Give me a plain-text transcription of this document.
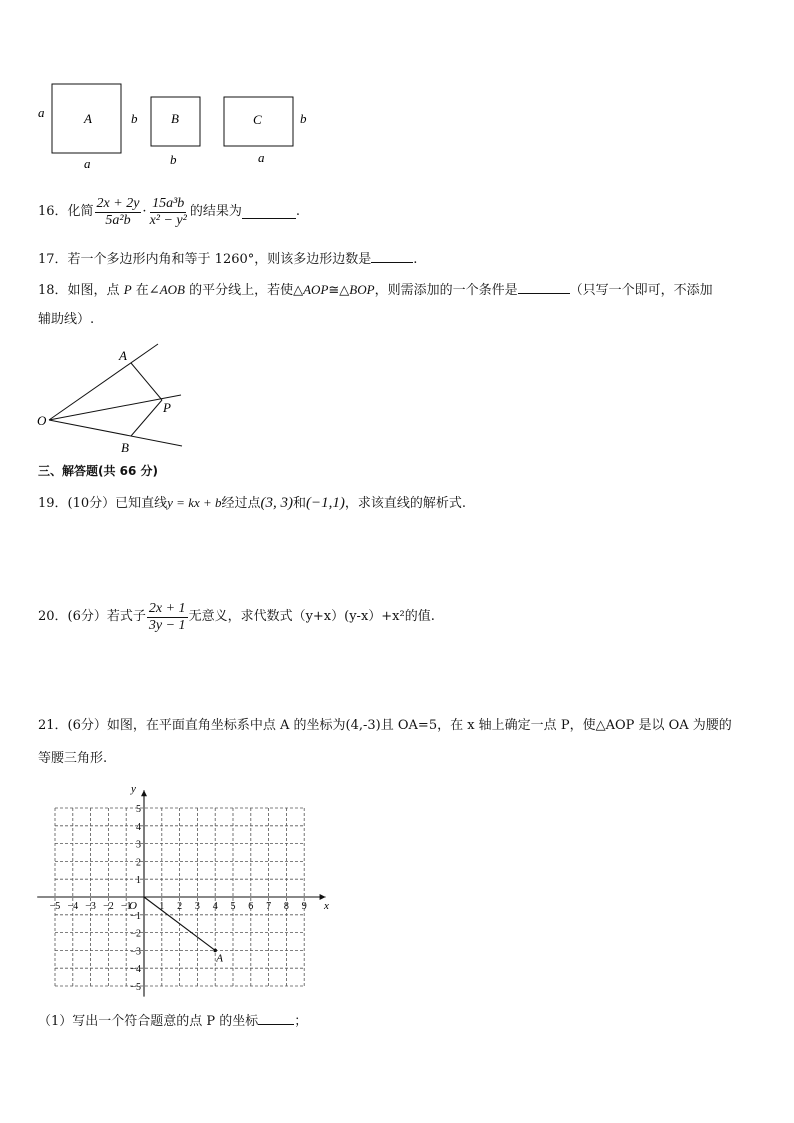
A
a	b
a
B
b
C	b
a
16．化简 $\frac{2x + 2y}{\text{5a²b}} \cdot \frac{\text{15a³b}}{\text{x² − y²}}$ 的结果为	.
17．若一个多边形内角和等于 1260°，则该多边形边数是	.
18．如图，点 P 在∠AOB 的平分线上，若使△AOP≅△BOP，则需添加的一个条件是	（只写一个即可，不添加
辅助线）.
O
A
P
B
三、解答题(共 66 分)
19．(10分）已知直线y = kx + b经过点(3, 3)和(−1,1)，求该直线的解析式.
20．(6分）若式子 $\frac{2x + 1}{3y - 1}$ 无意义，求代数式（y+x）(y-x）+x²的值.
21．(6分）如图，在平面直角坐标系中点 A 的坐标为(4,-3)且 OA=5，在 x 轴上确定一点 P，使△AOP 是以 OA 为腰的
等腰三角形.
−5 −4 −3 −2 −1	1 2 3 4 5 6 7 8 9
5
4
3
2
1
−1
−2
−3
−4
−5
y
x
O
A
（1）写出一个符合题意的点 P 的坐标	；
